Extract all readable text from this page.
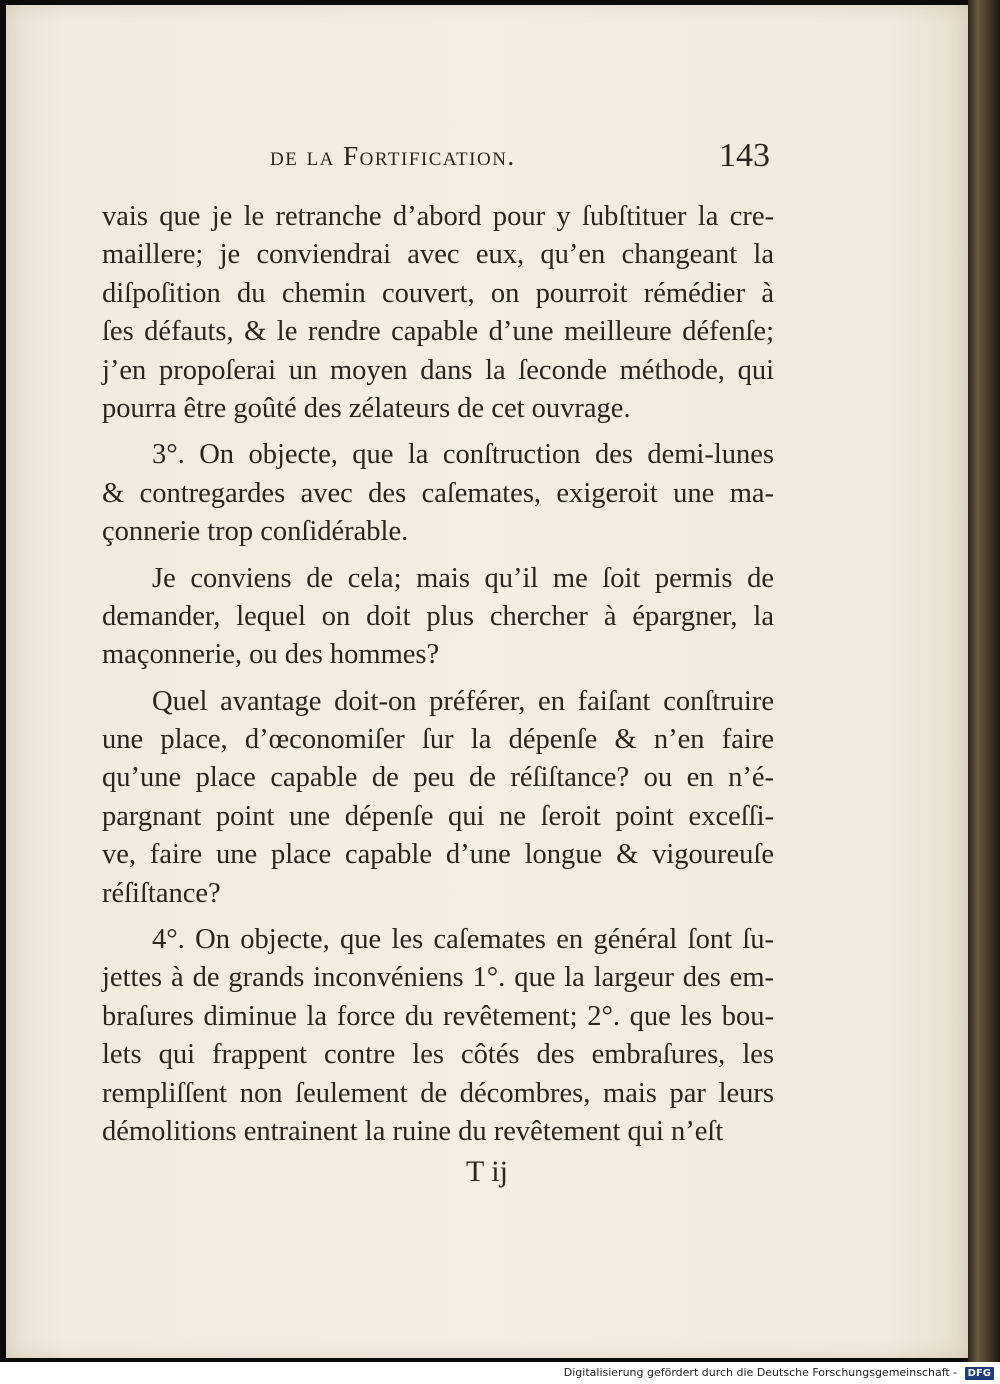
de la Fortification.	143
vais que je le retranche d’abord pour y ſubſtituer la cre-
maillere; je conviendrai avec eux, qu’en changeant la
diſpoſition du chemin couvert, on pourroit rémédier à
ſes défauts, & le rendre capable d’une meilleure défenſe;
j’en propoſerai un moyen dans la ſeconde méthode, qui
pourra être goûté des zélateurs de cet ouvrage.
3°. On objecte, que la conſtruction des demi-lunes
& contregardes avec des caſemates, exigeroit une ma-
çonnerie trop conſidérable.
Je conviens de cela; mais qu’il me ſoit permis de
demander, lequel on doit plus chercher à épargner, la
maçonnerie, ou des hommes?
Quel avantage doit-on préférer, en faiſant conſtruire
une place, d’œconomiſer ſur la dépenſe & n’en faire
qu’une place capable de peu de réſiſtance? ou en n’é-
pargnant point une dépenſe qui ne ſeroit point exceſſi-
ve, faire une place capable d’une longue & vigoureuſe
réſiſtance?
4°. On objecte, que les caſemates en général ſont ſu-
jettes à de grands inconvéniens 1°. que la largeur des em-
braſures diminue la force du revêtement; 2°. que les bou-
lets qui frappent contre les côtés des embraſures, les
rempliſſent non ſeulement de décombres, mais par leurs
démolitions entrainent la ruine du revêtement qui n’eſt
T ij
Digitalisierung gefördert durch die Deutsche Forschungsgemeinschaft - DFG
